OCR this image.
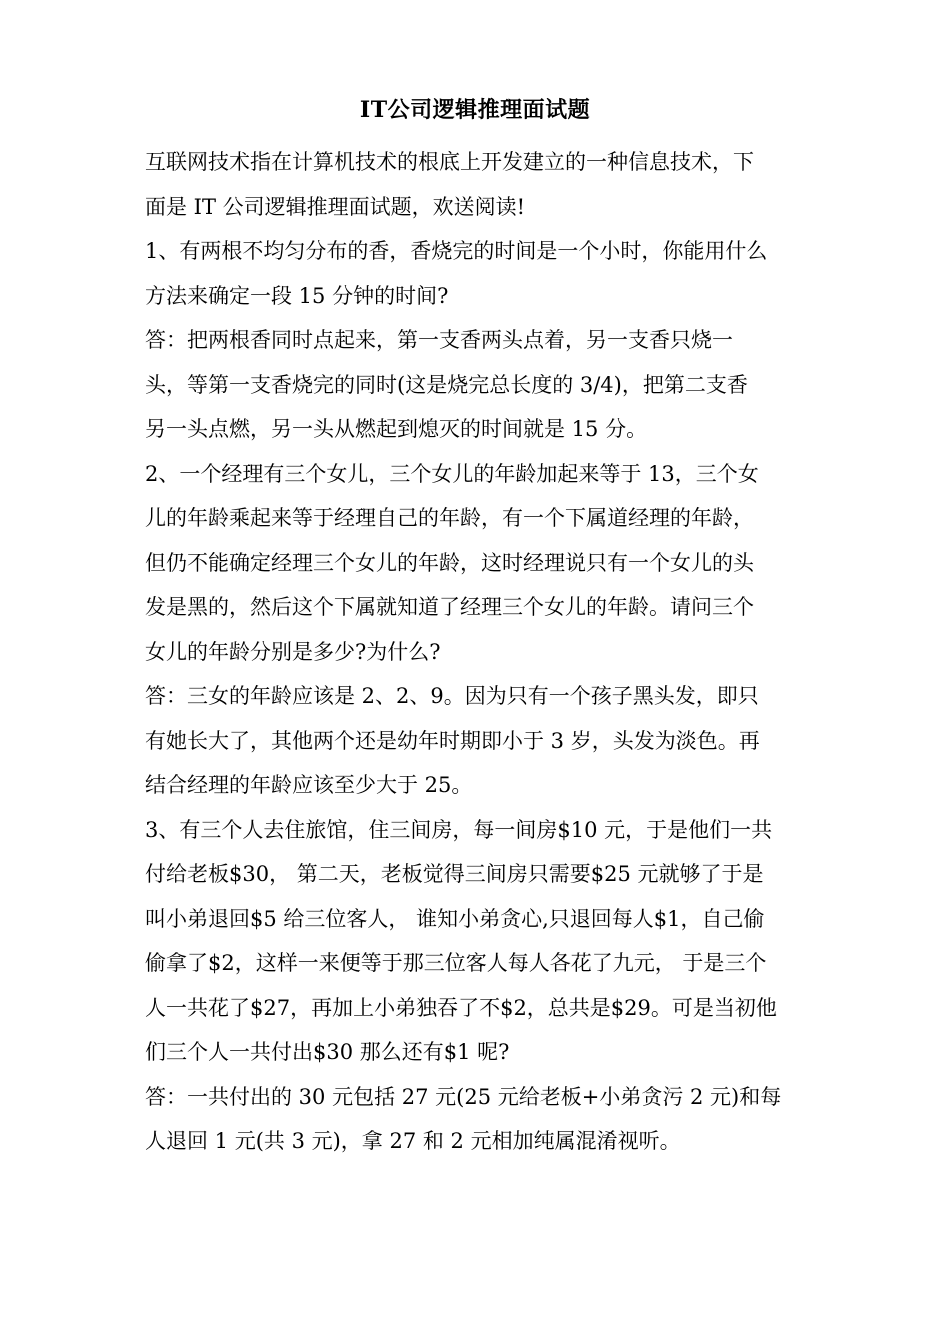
IT公司逻辑推理面试题
互联网技术指在计算机技术的根底上开发建立的一种信息技术，下
面是 IT 公司逻辑推理面试题，欢送阅读!
1、有两根不均匀分布的香，香烧完的时间是一个小时，你能用什么
方法来确定一段 15 分钟的时间?
答：把两根香同时点起来，第一支香两头点着，另一支香只烧一
头，等第一支香烧完的同时(这是烧完总长度的 3/4)，把第二支香
另一头点燃，另一头从燃起到熄灭的时间就是 15 分。
2、一个经理有三个女儿，三个女儿的年龄加起来等于 13，三个女
儿的年龄乘起来等于经理自己的年龄，有一个下属道经理的年龄，
但仍不能确定经理三个女儿的年龄，这时经理说只有一个女儿的头
发是黑的，然后这个下属就知道了经理三个女儿的年龄。请问三个
女儿的年龄分别是多少?为什么?
答：三女的年龄应该是 2、2、9。因为只有一个孩子黑头发，即只
有她长大了，其他两个还是幼年时期即小于 3 岁，头发为淡色。再
结合经理的年龄应该至少大于 25。
3、有三个人去住旅馆，住三间房，每一间房$10 元，于是他们一共
付给老板$30， 第二天，老板觉得三间房只需要$25 元就够了于是
叫小弟退回$5 给三位客人， 谁知小弟贪心,只退回每人$1，自己偷
偷拿了$2，这样一来便等于那三位客人每人各花了九元， 于是三个
人一共花了$27，再加上小弟独吞了不$2，总共是$29。可是当初他
们三个人一共付出$30 那么还有$1 呢?
答：一共付出的 30 元包括 27 元(25 元给老板+小弟贪污 2 元)和每
人退回 1 元(共 3 元)，拿 27 和 2 元相加纯属混淆视听。
